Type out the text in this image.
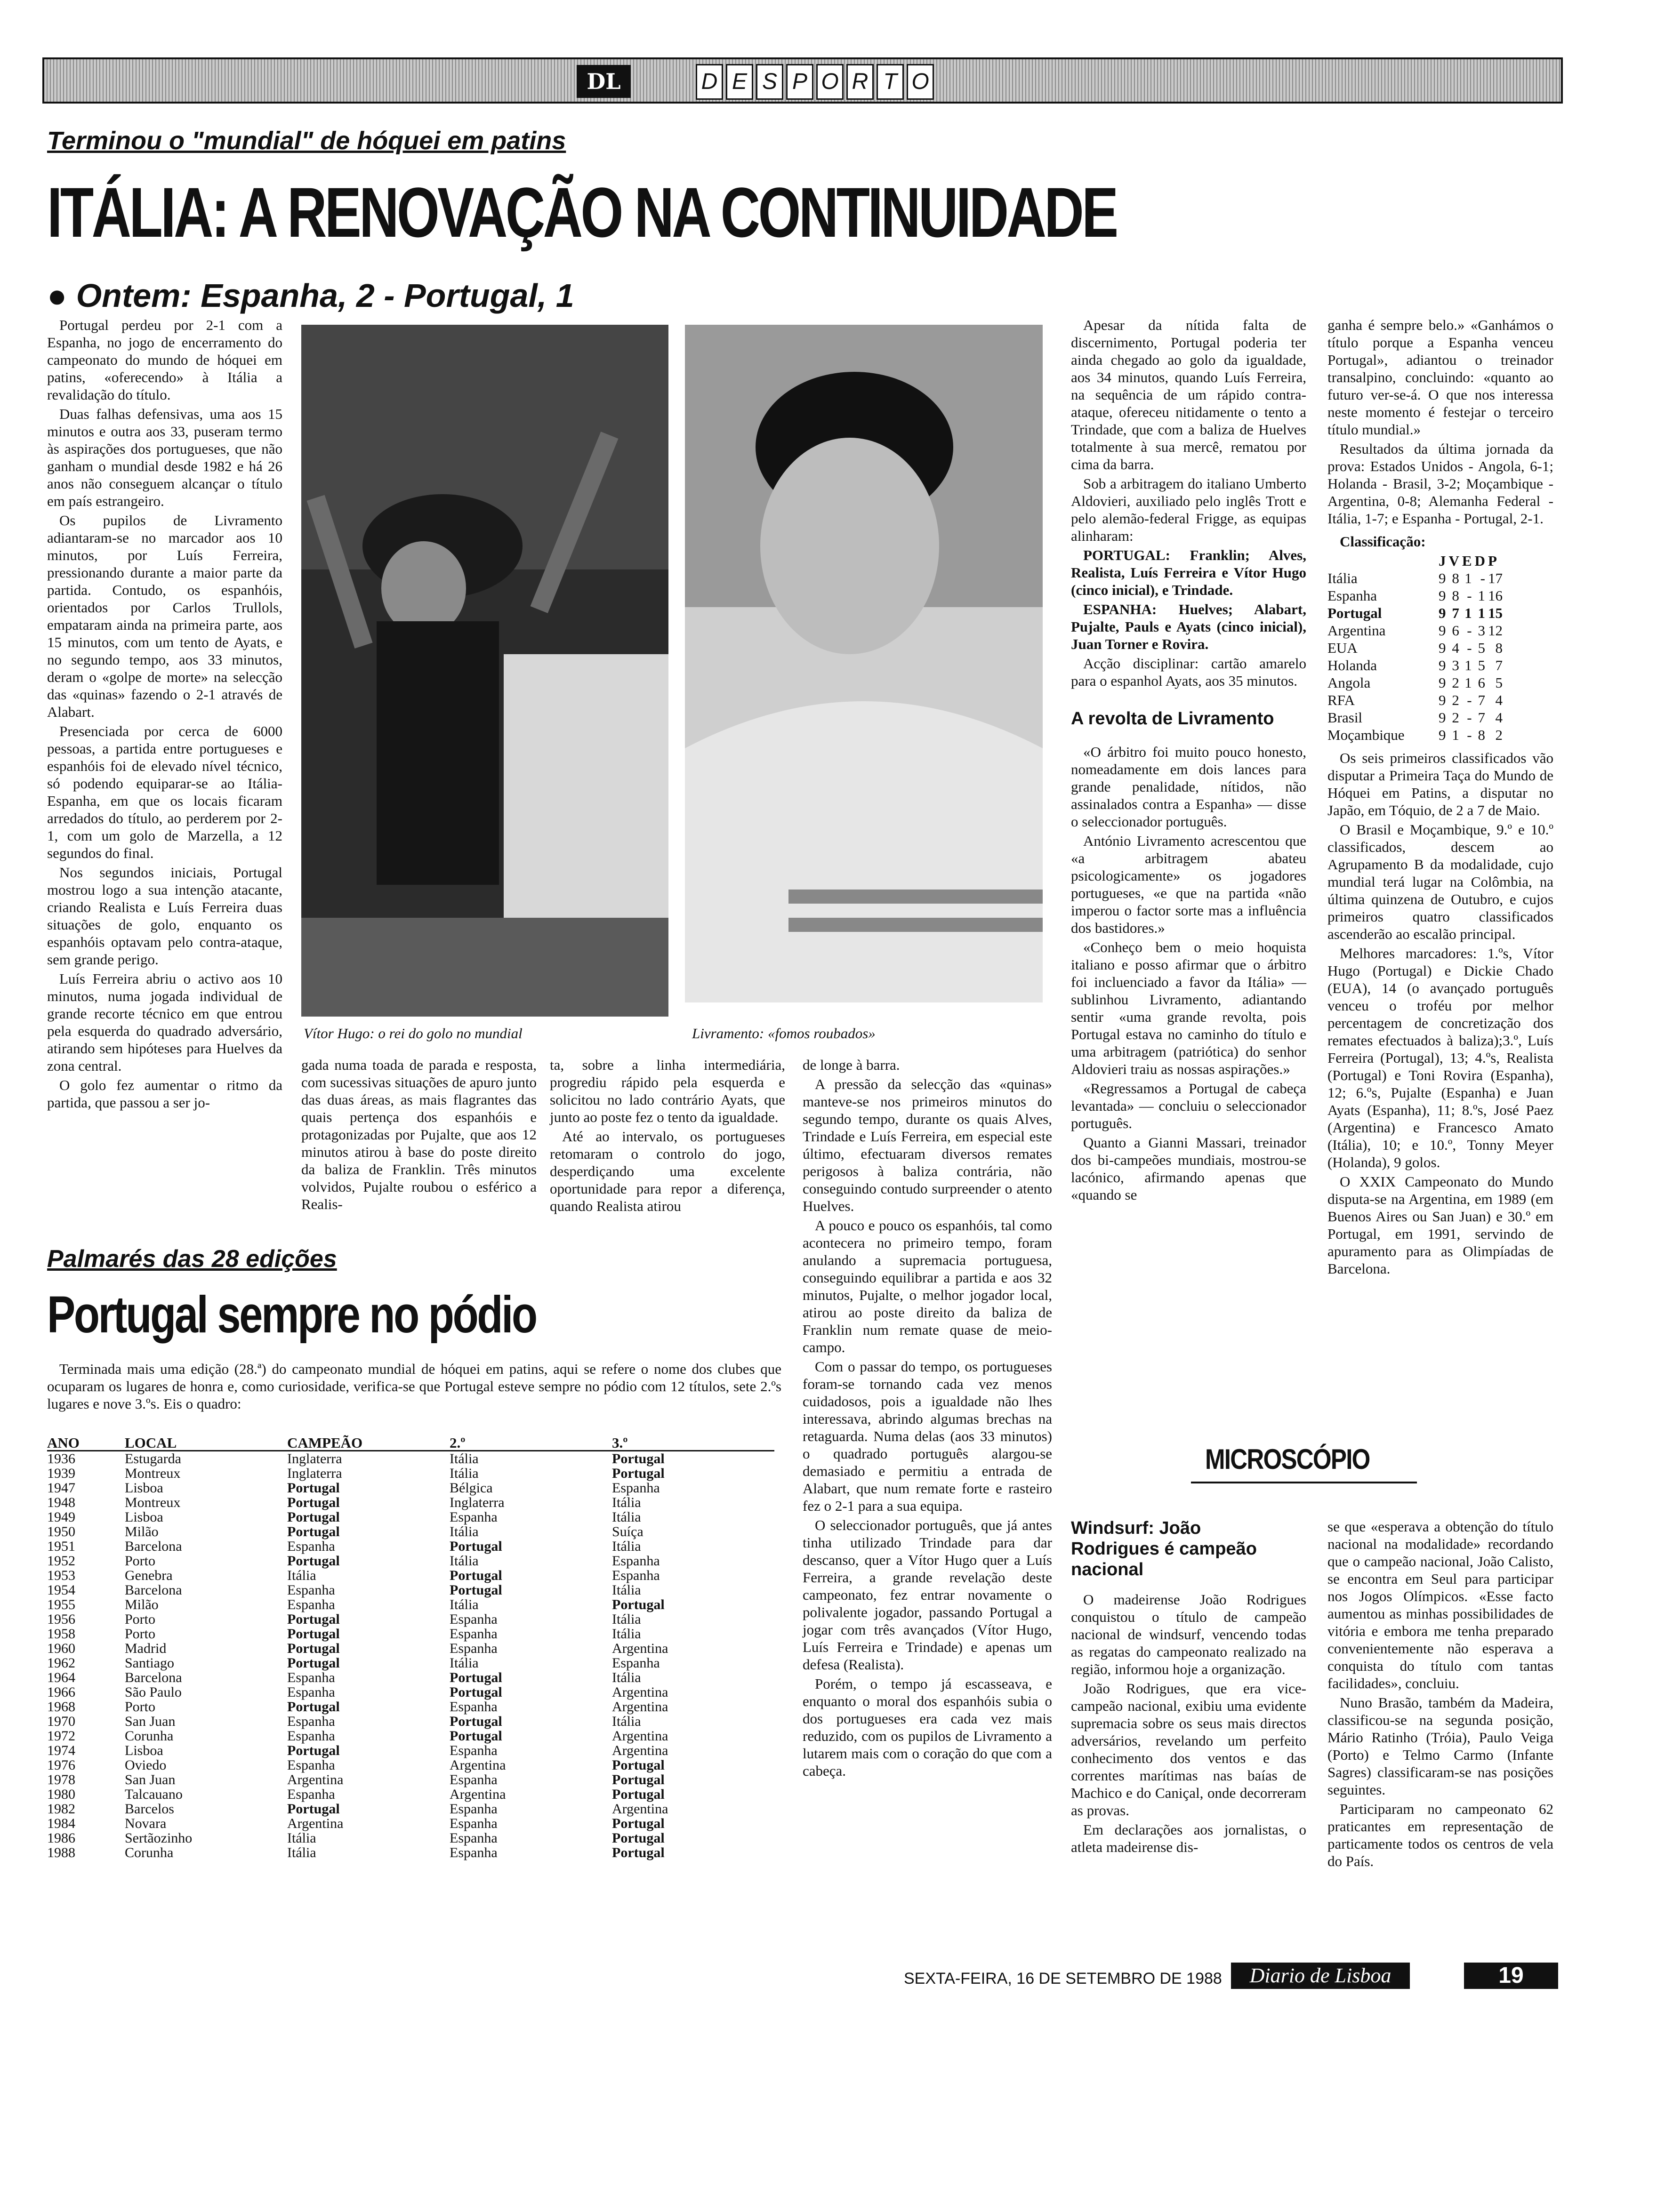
DL	D E S P O R T O
Terminou o "mundial" de hóquei em patins
ITÁLIA: A RENOVAÇÃO NA CONTINUIDADE
● Ontem: Espanha, 2 - Portugal, 1

Portugal perdeu por 2-1 com a Espanha, no jogo de encerramento do campeonato do mundo de hóquei em patins, «oferecendo» à Itália a revalidação do título.

Duas falhas defensivas, uma aos 15 minutos e outra aos 33, puseram termo às aspirações dos portugueses, que não ganham o mundial desde 1982 e há 26 anos não conseguem alcançar o título em país estrangeiro.

Os pupilos de Livramento adiantaram-se no marcador aos 10 minutos, por Luís Ferreira, pressionando durante a maior parte da partida. Contudo, os espanhóis, orientados por Carlos Trullols, empataram ainda na primeira parte, aos 15 minutos, com um tento de Ayats, e no segundo tempo, aos 33 minutos, deram o «golpe de morte» na selecção das «quinas» fazendo o 2-1 através de Alabart.

Presenciada por cerca de 6000 pessoas, a partida entre portugueses e espanhóis foi de elevado nível técnico, só podendo equiparar-se ao Itália-Espanha, em que os locais ficaram arredados do título, ao perderem por 2-1, com um golo de Marzella, a 12 segundos do final.

Nos segundos iniciais, Portugal mostrou logo a sua intenção atacante, criando Realista e Luís Ferreira duas situações de golo, enquanto os espanhóis optavam pelo contra-ataque, sem grande perigo.

Luís Ferreira abriu o activo aos 10 minutos, numa jogada individual de grande recorte técnico em que entrou pela esquerda do quadrado adversário, atirando sem hipóteses para Huelves da zona central.

O golo fez aumentar o ritmo da partida, que passou a ser jo-

Vítor Hugo: o rei do golo no mundial	Livramento: «fomos roubados»

gada numa toada de parada e resposta, com sucessivas situações de apuro junto das duas áreas, as mais flagrantes das quais pertença dos espanhóis e protagonizadas por Pujalte, que aos 12 minutos atirou à base do poste direito da baliza de Franklin. Três minutos volvidos, Pujalte roubou o esférico a Realis-

ta, sobre a linha intermediária, progrediu rápido pela esquerda e solicitou no lado contrário Ayats, que junto ao poste fez o tento da igualdade.

Até ao intervalo, os portugueses retomaram o controlo do jogo, desperdiçando uma excelente oportunidade para repor a diferença, quando Realista atirou

de longe à barra.

A pressão da selecção das «quinas» manteve-se nos primeiros minutos do segundo tempo, durante os quais Alves, Trindade e Luís Ferreira, em especial este último, efectuaram diversos remates perigosos à baliza contrária, não conseguindo contudo surpreender o atento Huelves.

A pouco e pouco os espanhóis, tal como acontecera no primeiro tempo, foram anulando a supremacia portuguesa, conseguindo equilibrar a partida e aos 32 minutos, Pujalte, o melhor jogador local, atirou ao poste direito da baliza de Franklin num remate quase de meio-campo.

Com o passar do tempo, os portugueses foram-se tornando cada vez menos cuidadosos, pois a igualdade não lhes interessava, abrindo algumas brechas na retaguarda. Numa delas (aos 33 minutos) o quadrado português alargou-se demasiado e permitiu a entrada de Alabart, que num remate forte e rasteiro fez o 2-1 para a sua equipa.

O seleccionador português, que já antes tinha utilizado Trindade para dar descanso, quer a Vítor Hugo quer a Luís Ferreira, a grande revelação deste campeonato, fez entrar novamente o polivalente jogador, passando Portugal a jogar com três avançados (Vítor Hugo, Luís Ferreira e Trindade) e apenas um defesa (Realista).

Porém, o tempo já escasseava, e enquanto o moral dos espanhóis subia o dos portugueses era cada vez mais reduzido, com os pupilos de Livramento a lutarem mais com o coração do que com a cabeça.

Apesar da nítida falta de discernimento, Portugal poderia ter ainda chegado ao golo da igualdade, aos 34 minutos, quando Luís Ferreira, na sequência de um rápido contra-ataque, ofereceu nitidamente o tento a Trindade, que com a baliza de Huelves totalmente à sua mercê, rematou por cima da barra.

Sob a arbitragem do italiano Umberto Aldovieri, auxiliado pelo inglês Trott e pelo alemão-federal Frigge, as equipas alinharam:

PORTUGAL: Franklin; Alves, Realista, Luís Ferreira e Vítor Hugo (cinco inicial), e Trindade.

ESPANHA: Huelves; Alabart, Pujalte, Pauls e Ayats (cinco inicial), Juan Torner e Rovira.

Acção disciplinar: cartão amarelo para o espanhol Ayats, aos 35 minutos.

A revolta de Livramento

«O árbitro foi muito pouco honesto, nomeadamente em dois lances para grande penalidade, nítidos, não assinalados contra a Espanha» — disse o seleccionador português.

António Livramento acrescentou que «a arbitragem abateu psicologicamente» os jogadores portugueses, «e que na partida «não imperou o factor sorte mas a influência dos bastidores.»

«Conheço bem o meio hoquista italiano e posso afirmar que o árbitro foi incluenciado a favor da Itália» — sublinhou Livramento, adiantando sentir «uma grande revolta, pois Portugal estava no caminho do título e uma arbitragem (patriótica) do senhor Aldovieri traiu as nossas aspirações.»

«Regressamos a Portugal de cabeça levantada» — concluiu o seleccionador português.

Quanto a Gianni Massari, treinador dos bi-campeões mundiais, mostrou-se lacónico, afirmando apenas que «quando se

ganha é sempre belo.» «Ganhámos o título porque a Espanha venceu Portugal», adiantou o treinador transalpino, concluindo: «quanto ao futuro ver-se-á. O que nos interessa neste momento é festejar o terceiro título mundial.»

Resultados da última jornada da prova: Estados Unidos - Angola, 6-1; Holanda - Brasil, 3-2; Moçambique - Argentina, 0-8; Alemanha Federal - Itália, 1-7; e Espanha - Portugal, 2-1.

Classificação:

	J	V	E	D	P
Itália	9	8	1	-	17
Espanha	9	8	-	1	16
Portugal	9	7	1	1	15
Argentina	9	6	-	3	12
EUA	9	4	-	5	8
Holanda	9	3	1	5	7
Angola	9	2	1	6	5
RFA	9	2	-	7	4
Brasil	9	2	-	7	4
Moçambique	9	1	-	8	2

Os seis primeiros classificados vão disputar a Primeira Taça do Mundo de Hóquei em Patins, a disputar no Japão, em Tóquio, de 2 a 7 de Maio.

O Brasil e Moçambique, 9.º e 10.º classificados, descem ao Agrupamento B da modalidade, cujo mundial terá lugar na Colômbia, na última quinzena de Outubro, e cujos primeiros quatro classificados ascenderão ao escalão principal.

Melhores marcadores: 1.ºs, Vítor Hugo (Portugal) e Dickie Chado (EUA), 14 (o avançado português venceu o troféu por melhor percentagem de concretização dos remates efectuados à baliza);3.º, Luís Ferreira (Portugal), 13; 4.ºs, Realista (Portugal) e Toni Rovira (Espanha), 12; 6.ºs, Pujalte (Espanha) e Juan Ayats (Espanha), 11; 8.ºs, José Paez (Argentina) e Francesco Amato (Itália), 10; e 10.º, Tonny Meyer (Holanda), 9 golos.

O XXIX Campeonato do Mundo disputa-se na Argentina, em 1989 (em Buenos Aires ou San Juan) e 30.º em Portugal, em 1991, servindo de apuramento para as Olimpíadas de Barcelona.

Palmarés das 28 edições
Portugal sempre no pódio

Terminada mais uma edição (28.ª) do campeonato mundial de hóquei em patins, aqui se refere o nome dos clubes que ocuparam os lugares de honra e, como curiosidade, verifica-se que Portugal esteve sempre no pódio com 12 títulos, sete 2.ºs lugares e nove 3.ºs. Eis o quadro:

ANO	LOCAL	CAMPEÃO	2.º	3.º
1936	Estugarda	Inglaterra	Itália	Portugal
1939	Montreux	Inglaterra	Itália	Portugal
1947	Lisboa	Portugal	Bélgica	Espanha
1948	Montreux	Portugal	Inglaterra	Itália
1949	Lisboa	Portugal	Espanha	Itália
1950	Milão	Portugal	Itália	Suíça
1951	Barcelona	Espanha	Portugal	Itália
1952	Porto	Portugal	Itália	Espanha
1953	Genebra	Itália	Portugal	Espanha
1954	Barcelona	Espanha	Portugal	Itália
1955	Milão	Espanha	Itália	Portugal
1956	Porto	Portugal	Espanha	Itália
1958	Porto	Portugal	Espanha	Itália
1960	Madrid	Portugal	Espanha	Argentina
1962	Santiago	Portugal	Itália	Espanha
1964	Barcelona	Espanha	Portugal	Itália
1966	São Paulo	Espanha	Portugal	Argentina
1968	Porto	Portugal	Espanha	Argentina
1970	San Juan	Espanha	Portugal	Itália
1972	Corunha	Espanha	Portugal	Argentina
1974	Lisboa	Portugal	Espanha	Argentina
1976	Oviedo	Espanha	Argentina	Portugal
1978	San Juan	Argentina	Espanha	Portugal
1980	Talcauano	Espanha	Argentina	Portugal
1982	Barcelos	Portugal	Espanha	Argentina
1984	Novara	Argentina	Espanha	Portugal
1986	Sertãozinho	Itália	Espanha	Portugal
1988	Corunha	Itália	Espanha	Portugal
MICROSCÓPIO
Windsurf: João Rodrigues é campeão nacional

O madeirense João Rodrigues conquistou o título de campeão nacional de windsurf, vencendo todas as regatas do campeonato realizado na região, informou hoje a organização.

João Rodrigues, que era vice-campeão nacional, exibiu uma evidente supremacia sobre os seus mais directos adversários, revelando um perfeito conhecimento dos ventos e das correntes marítimas nas baías de Machico e do Caniçal, onde decorreram as provas.

Em declarações aos jornalistas, o atleta madeirense dis-

se que «esperava a obtenção do título nacional na modalidade» recordando que o campeão nacional, João Calisto, se encontra em Seul para participar nos Jogos Olímpicos. «Esse facto aumentou as minhas possibilidades de vitória e embora me tenha preparado convenientemente não esperava a conquista do título com tantas facilidades», concluiu.

Nuno Brasão, também da Madeira, classificou-se na segunda posição, Mário Ratinho (Tróia), Paulo Veiga (Porto) e Telmo Carmo (Infante Sagres) classificaram-se nas posições seguintes.

Participaram no campeonato 62 praticantes em representação de particamente todos os centros de vela do País.

SEXTA-FEIRA, 16 DE SETEMBRO DE 1988	Diario de Lisboa	19
